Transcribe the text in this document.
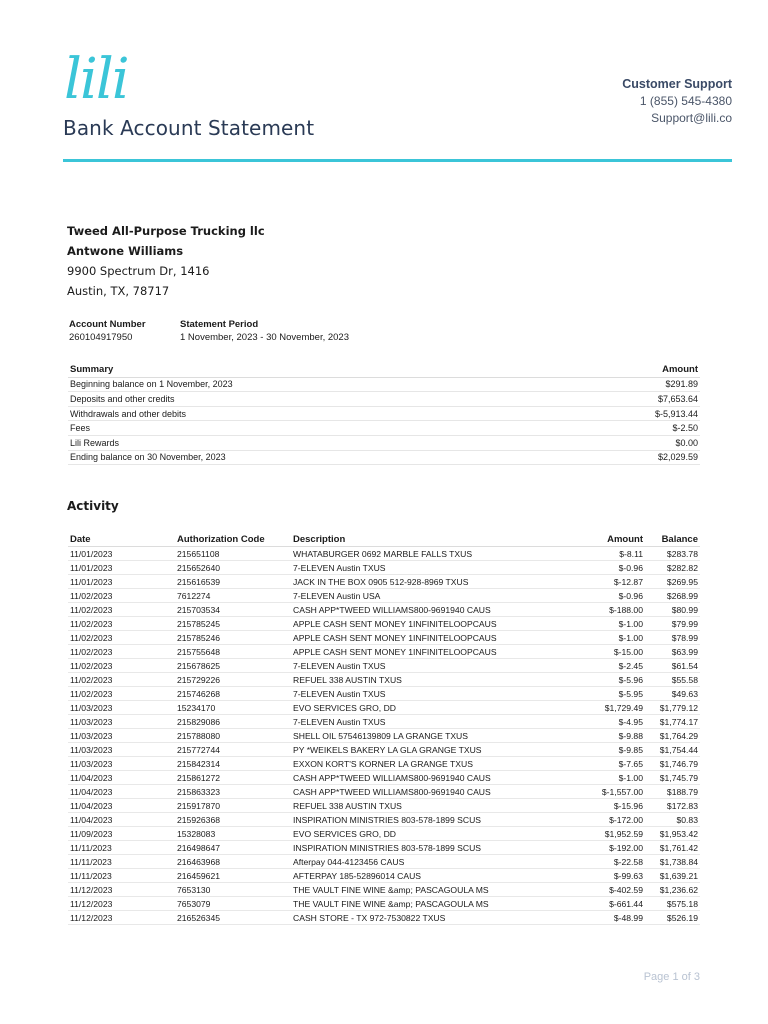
lili
Bank Account Statement
Customer Support
1 (855) 545-4380
Support@lili.co
Tweed All-Purpose Trucking llc
Antwone Williams
9900 Spectrum Dr, 1416
Austin, TX, 78717
Account Number
260104917950
Statement Period
1 November, 2023 - 30 November, 2023
Summary	Amount
Beginning balance on 1 November, 2023	$291.89
Deposits and other credits	$7,653.64
Withdrawals and other debits	$-5,913.44
Fees	$-2.50
Lili Rewards	$0.00
Ending balance on 30 November, 2023	$2,029.59
Activity
Date	Authorization Code	Description	Amount	Balance
11/01/2023	215651108	WHATABURGER 0692 MARBLE FALLS TXUS	$-8.11	$283.78
11/01/2023	215652640	7-ELEVEN Austin TXUS	$-0.96	$282.82
11/01/2023	215616539	JACK IN THE BOX 0905 512-928-8969 TXUS	$-12.87	$269.95
11/02/2023	7612274	7-ELEVEN Austin USA	$-0.96	$268.99
11/02/2023	215703534	CASH APP*TWEED WILLIAMS800-9691940 CAUS	$-188.00	$80.99
11/02/2023	215785245	APPLE CASH SENT MONEY 1INFINITELOOPCAUS	$-1.00	$79.99
11/02/2023	215785246	APPLE CASH SENT MONEY 1INFINITELOOPCAUS	$-1.00	$78.99
11/02/2023	215755648	APPLE CASH SENT MONEY 1INFINITELOOPCAUS	$-15.00	$63.99
11/02/2023	215678625	7-ELEVEN Austin TXUS	$-2.45	$61.54
11/02/2023	215729226	REFUEL 338 AUSTIN TXUS	$-5.96	$55.58
11/02/2023	215746268	7-ELEVEN Austin TXUS	$-5.95	$49.63
11/03/2023	15234170	EVO SERVICES GRO, DD	$1,729.49	$1,779.12
11/03/2023	215829086	7-ELEVEN Austin TXUS	$-4.95	$1,774.17
11/03/2023	215788080	SHELL OIL 57546139809 LA GRANGE TXUS	$-9.88	$1,764.29
11/03/2023	215772744	PY *WEIKELS BAKERY LA GLA GRANGE TXUS	$-9.85	$1,754.44
11/03/2023	215842314	EXXON KORT'S KORNER LA GRANGE TXUS	$-7.65	$1,746.79
11/04/2023	215861272	CASH APP*TWEED WILLIAMS800-9691940 CAUS	$-1.00	$1,745.79
11/04/2023	215863323	CASH APP*TWEED WILLIAMS800-9691940 CAUS	$-1,557.00	$188.79
11/04/2023	215917870	REFUEL 338 AUSTIN TXUS	$-15.96	$172.83
11/04/2023	215926368	INSPIRATION MINISTRIES 803-578-1899 SCUS	$-172.00	$0.83
11/09/2023	15328083	EVO SERVICES GRO, DD	$1,952.59	$1,953.42
11/11/2023	216498647	INSPIRATION MINISTRIES 803-578-1899 SCUS	$-192.00	$1,761.42
11/11/2023	216463968	Afterpay 044-4123456 CAUS	$-22.58	$1,738.84
11/11/2023	216459621	AFTERPAY 185-52896014 CAUS	$-99.63	$1,639.21
11/12/2023	7653130	THE VAULT FINE WINE &amp; PASCAGOULA MS	$-402.59	$1,236.62
11/12/2023	7653079	THE VAULT FINE WINE &amp; PASCAGOULA MS	$-661.44	$575.18
11/12/2023	216526345	CASH STORE - TX 972-7530822 TXUS	$-48.99	$526.19
Page 1 of 3
